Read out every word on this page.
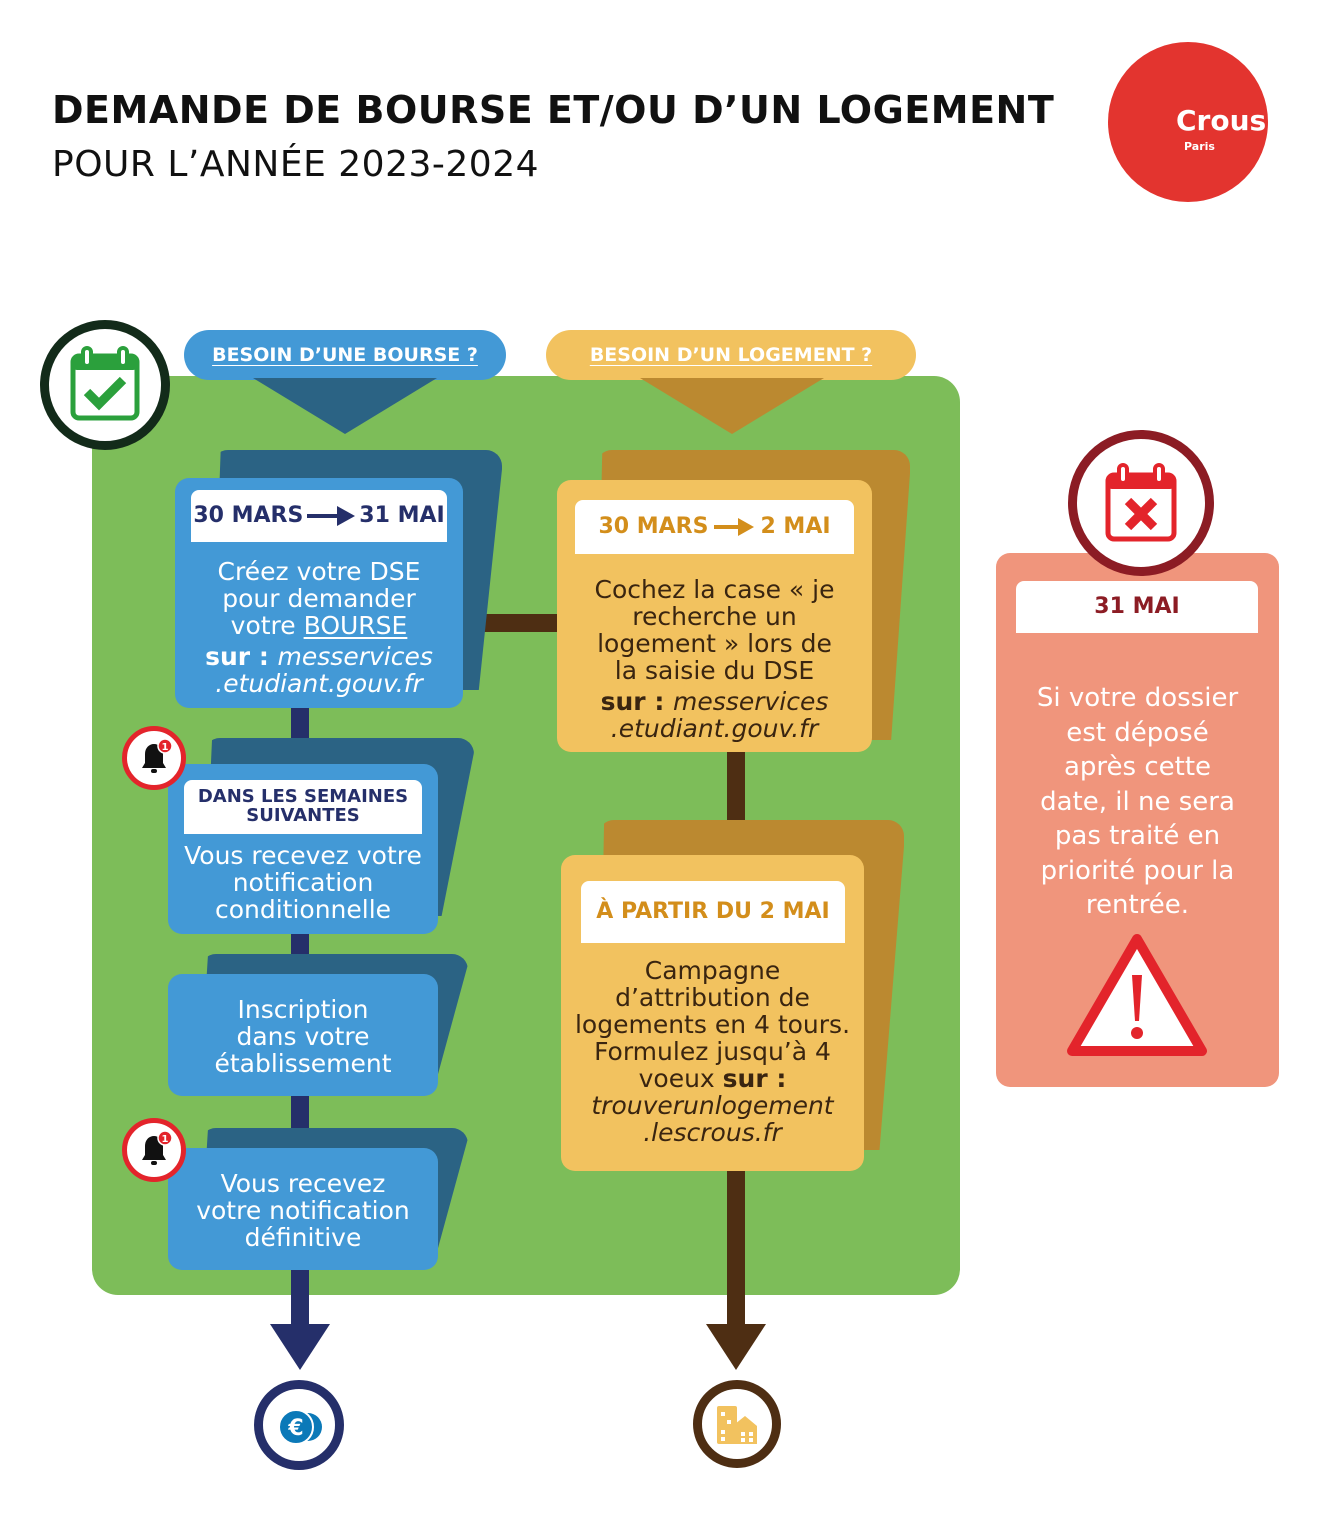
DEMANDE DE BOURSE ET/OU D’UN LOGEMENT
POUR L’ANNÉE 2023-2024
Crous
Paris
BESOIN D’UNE BOURSE ?	BESOIN D’UN LOGEMENT ?
30 MARS	31 MAI
Créez votre DSE
pour demander
votre BOURSE
sur : messervices
.etudiant.gouv.fr
DANS LES SEMAINES
SUIVANTES
Vous recevez votre
notification
conditionnelle
1
Inscription
dans votre
établissement
Vous recevez
votre notification
définitive
1
30 MARS 2 MAI
Cochez la case « je
recherche un
logement » lors de
la saisie du DSE
sur : messervices
.etudiant.gouv.fr
À PARTIR DU 2 MAI
Campagne
d’attribution de
logements en 4 tours.
Formulez jusqu’à 4
voeux sur :
trouverunlogement
.lescrous.fr
31 MAI
Si votre dossier
est déposé
après cette
date, il ne sera
pas traité en
priorité pour la
rentrée.
€
